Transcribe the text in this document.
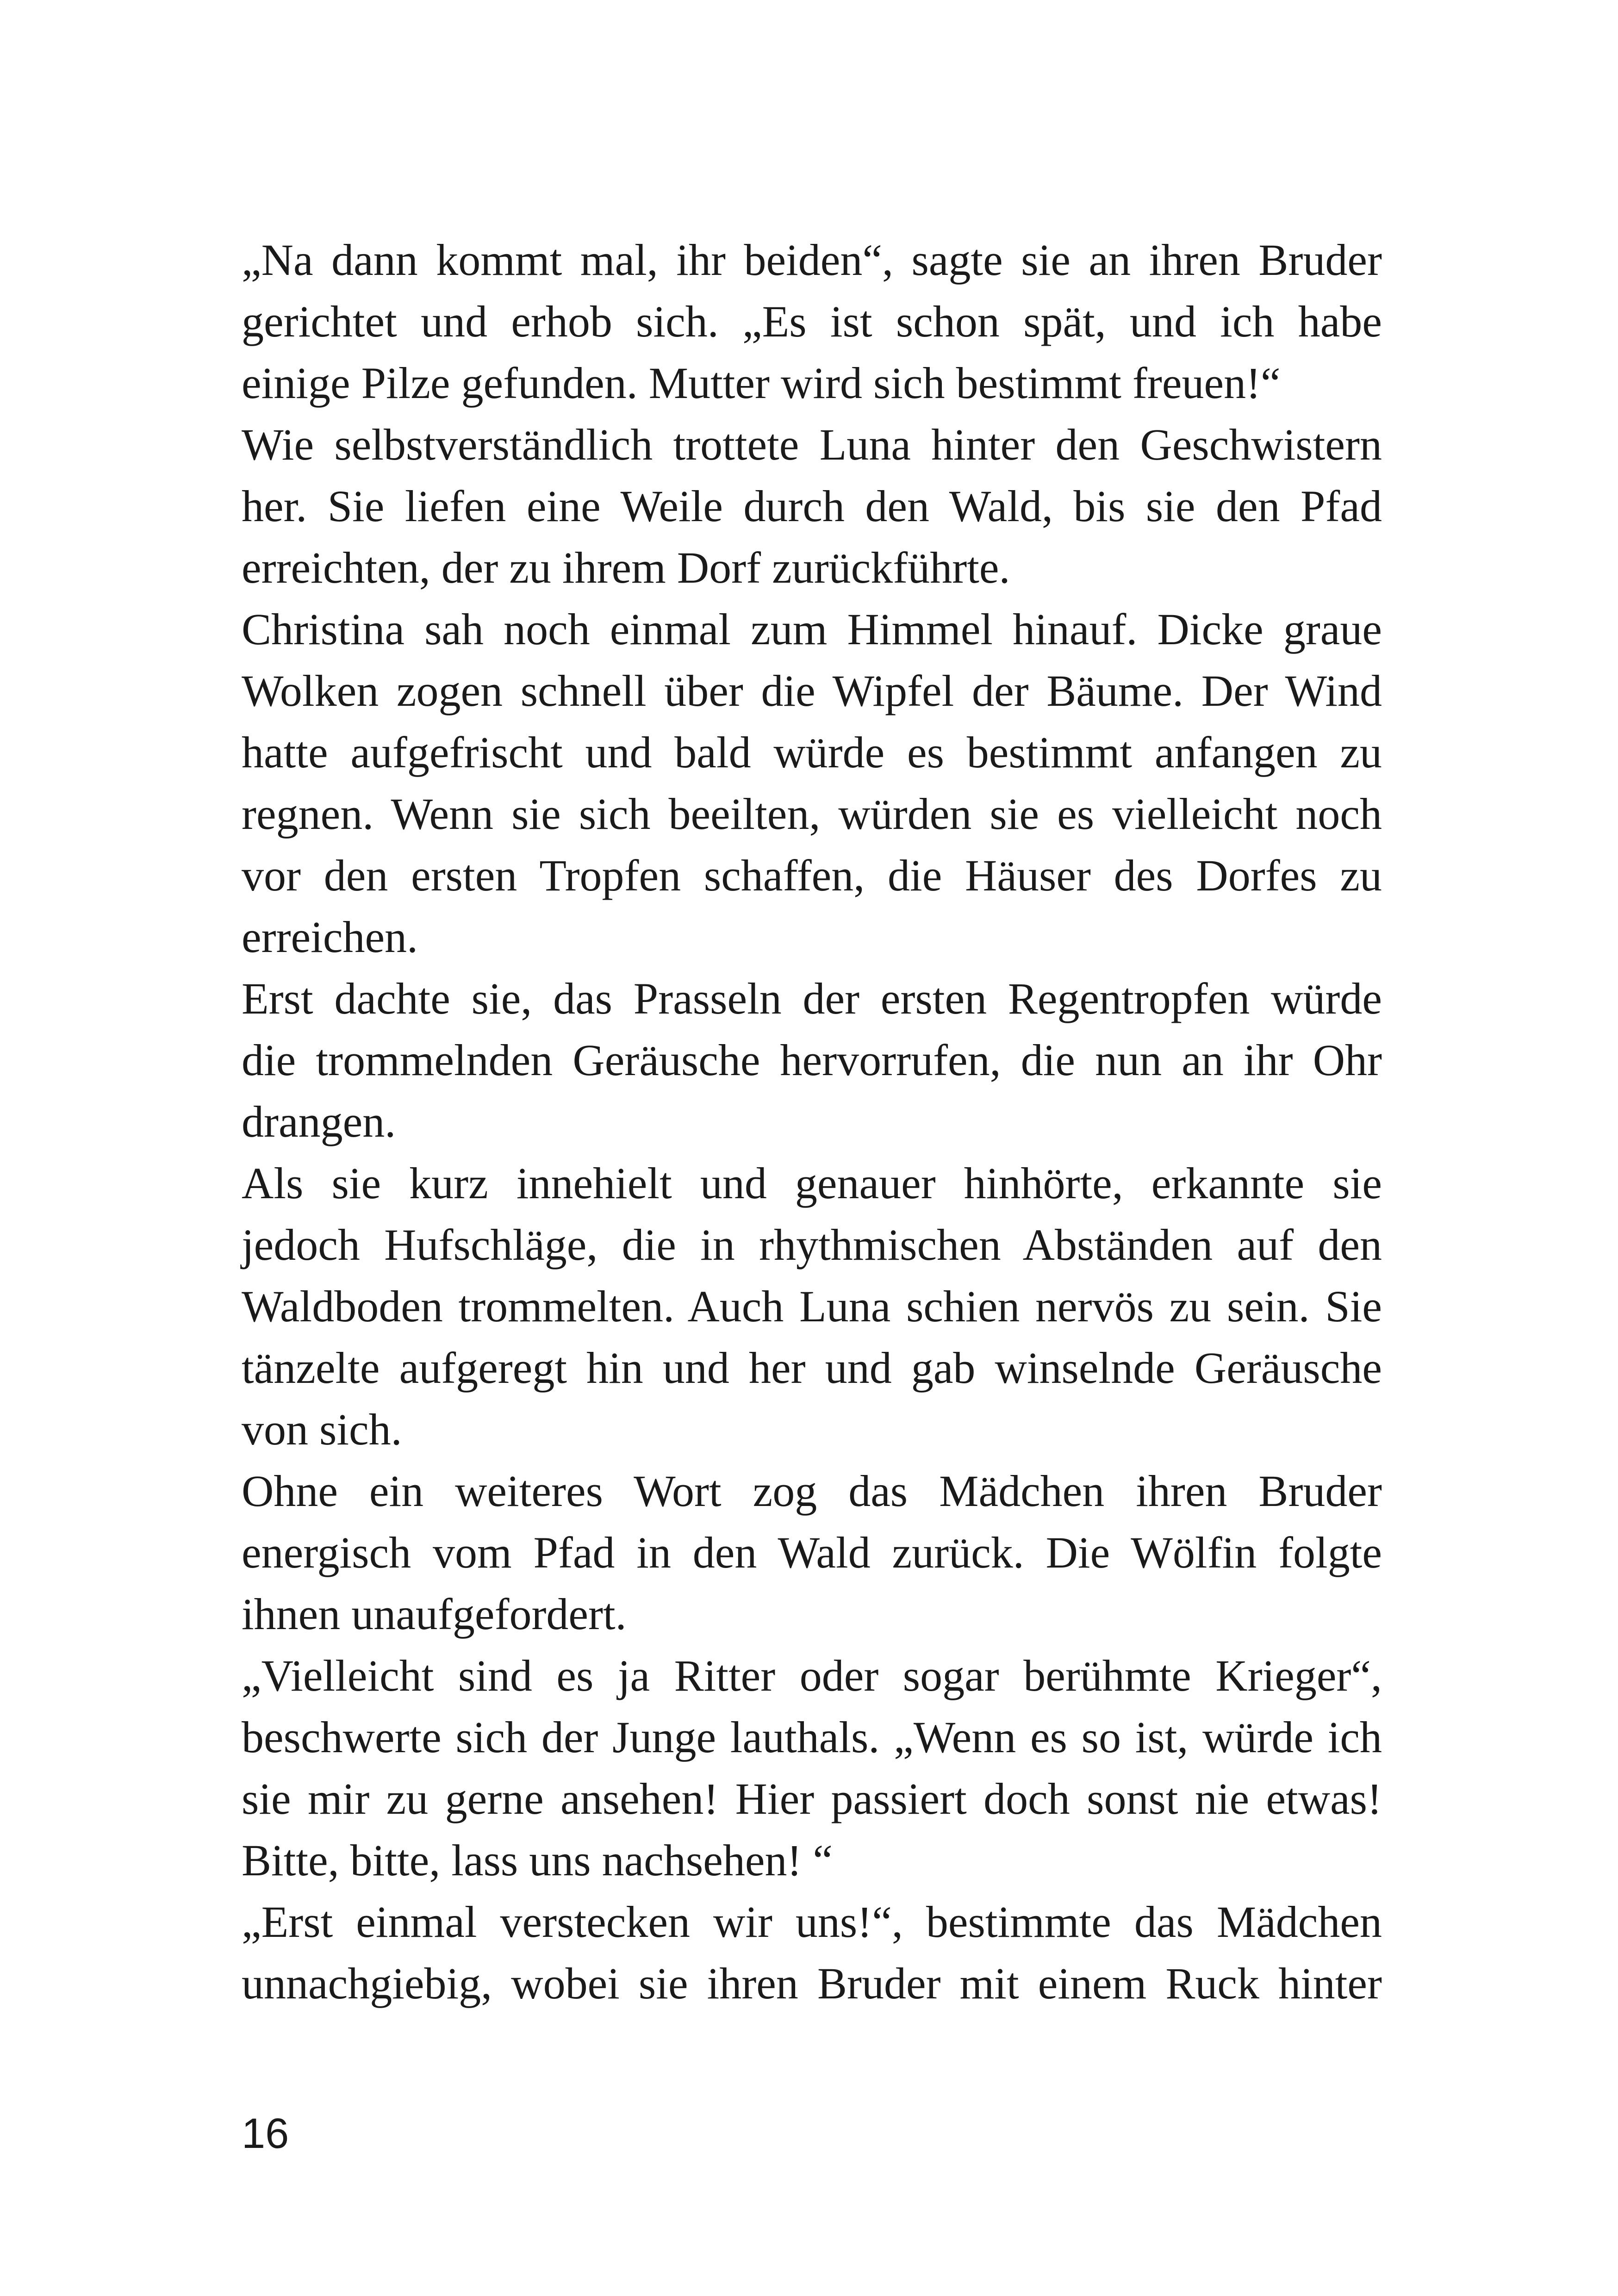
„Na dann kommt mal, ihr beiden“, sagte sie an ihren Bruder
gerichtet und erhob sich. „Es ist schon spät, und ich habe
einige Pilze gefunden. Mutter wird sich bestimmt freuen!“
Wie selbstverständlich trottete Luna hinter den Geschwistern
her. Sie liefen eine Weile durch den Wald, bis sie den Pfad
erreichten, der zu ihrem Dorf zurückführte.
Christina sah noch einmal zum Himmel hinauf. Dicke graue
Wolken zogen schnell über die Wipfel der Bäume. Der Wind
hatte aufgefrischt und bald würde es bestimmt anfangen zu
regnen. Wenn sie sich beeilten, würden sie es vielleicht noch
vor den ersten Tropfen schaffen, die Häuser des Dorfes zu
erreichen.
Erst dachte sie, das Prasseln der ersten Regentropfen würde
die trommelnden Geräusche hervorrufen, die nun an ihr Ohr
drangen.
Als sie kurz innehielt und genauer hinhörte, erkannte sie
jedoch Hufschläge, die in rhythmischen Abständen auf den
Waldboden trommelten. Auch Luna schien nervös zu sein. Sie
tänzelte aufgeregt hin und her und gab winselnde Geräusche
von sich.
Ohne ein weiteres Wort zog das Mädchen ihren Bruder
energisch vom Pfad in den Wald zurück. Die Wölfin folgte
ihnen unaufgefordert.
„Vielleicht sind es ja Ritter oder sogar berühmte Krieger“,
beschwerte sich der Junge lauthals. „Wenn es so ist, würde ich
sie mir zu gerne ansehen! Hier passiert doch sonst nie etwas!
Bitte, bitte, lass uns nachsehen! “
„Erst einmal verstecken wir uns!“, bestimmte das Mädchen
unnachgiebig, wobei sie ihren Bruder mit einem Ruck hinter
16
